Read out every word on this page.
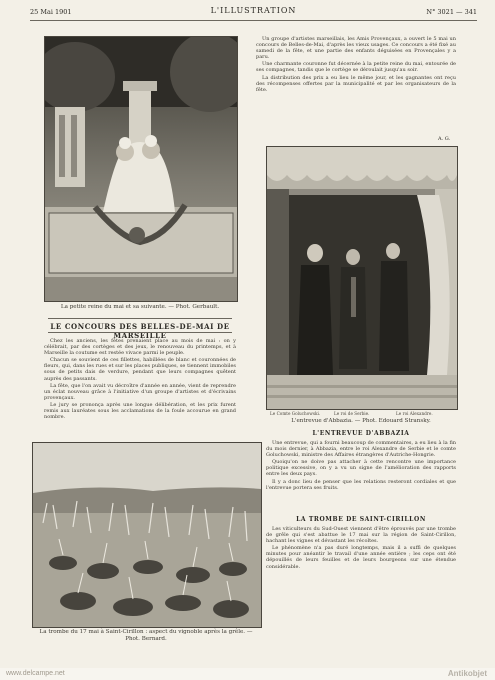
25 Mai 1901	L'ILLUSTRATION	N° 3021 — 341
La petite reine du mai et sa suivante. — Phot. Gerbault.
LE CONCOURS DES BELLES-DE-MAI DE MARSEILLE

Chez les anciens, les fêtes prenaient place au mois de mai : on y célébrait, par des cortèges et des jeux, le renouveau du printemps, et à Marseille la coutume est restée vivace parmi le peuple.

Chacun se souvient de ces fillettes, habillées de blanc et couronnées de fleurs, qui, dans les rues et sur les places publiques, se tiennent immobiles sous de petits dais de verdure, pendant que leurs compagnes quêtent auprès des passants.

La fête, que l'on avait vu décroître d'année en année, vient de reprendre un éclat nouveau grâce à l'initiative d'un groupe d'artistes et d'écrivains provençaux.

Le jury se prononça après une longue délibération, et les prix furent remis aux lauréates sous les acclamations de la foule accourue en grand nombre.

Un groupe d'artistes marseillais, les Amis Provençaux, a ouvert le 5 mai un concours de Belles-de-Mai, d'après les vieux usages. Ce concours a été fixé au samedi de la fête, et une partie des enfants déguisées en Provençales y a paru.

Une charmante couronne fut décernée à la petite reine du mai, entourée de ses compagnes, tandis que le cortège se déroulait jusqu'au soir.

La distribution des prix a eu lieu le même jour, et les gagnantes ont reçu des récompenses offertes par la municipalité et par les organisateurs de la fête.

A. G.
Le Comte Goluchowski.	Le roi de Serbie.	Le roi Alexandre.
L'entrevue d'Abbazia. — Phot. Edouard Stransky.
L'ENTREVUE D'ABBAZIA

Une entrevue, qui a fourni beaucoup de commentaires, a eu lieu à la fin du mois dernier, à Abbazia, entre le roi Alexandre de Serbie et le comte Goluchowski, ministre des Affaires étrangères d'Autriche-Hongrie.

Quoiqu'on ne doive pas attacher à cette rencontre une importance politique excessive, on y a vu un signe de l'amélioration des rapports entre les deux pays.

Il y a donc lieu de penser que les relations resteront cordiales et que l'entrevue portera ses fruits.

LA TROMBE DE SAINT-CIRILLON

Les viticulteurs du Sud-Ouest viennent d'être éprouvés par une trombe de grêle qui s'est abattue le 17 mai sur la région de Saint-Cirillon, hachant les vignes et dévastant les récoltes.

Le phénomène n'a pas duré longtemps, mais il a suffi de quelques minutes pour anéantir le travail d'une année entière ; les ceps ont été dépouillés de leurs feuilles et de leurs bourgeons sur une étendue considérable.

La trombe du 17 mai à Saint-Cirillon : aspect du vignoble après la grêle. — Phot. Bernard.
www.delcampe.net	Antikobjet
